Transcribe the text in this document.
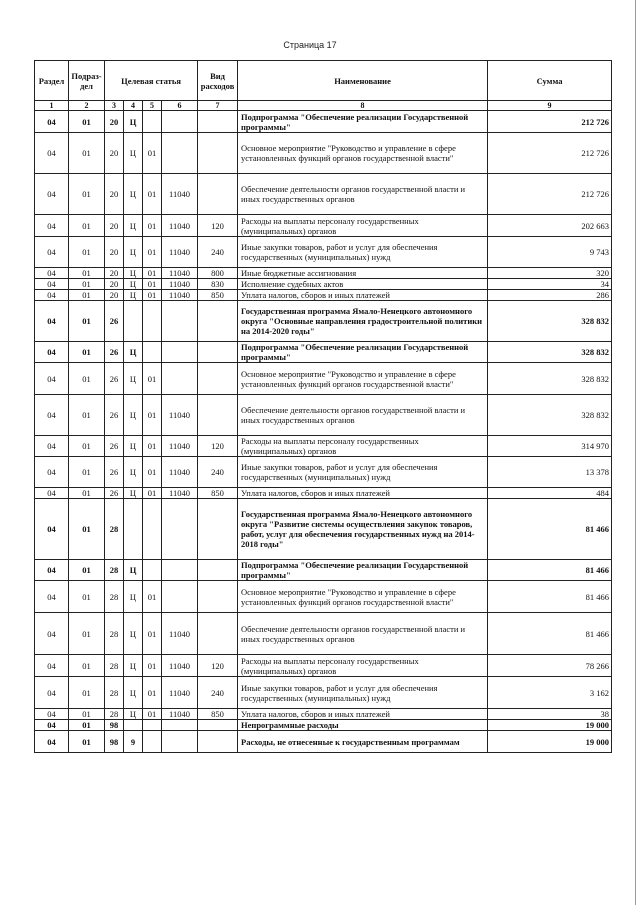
Страница 17
Раздел	Подраз-дел	Целевая статья				Вид расходов	Наименование	Сумма
1	2	3	4	5	6	7	8	9
04	01	20	Ц				Подпрограмма "Обеспечение реализации Государственной программы"	212 726
04	01	20	Ц	01			Основное мероприятие "Руководство и управление в сфере установленных функций органов государственной власти"	212 726
04	01	20	Ц	01	11040		Обеспечение деятельности органов государственной власти и иных государственных органов	212 726
04	01	20	Ц	01	11040	120	Расходы на выплаты персоналу государственных (муниципальных) органов	202 663
04	01	20	Ц	01	11040	240	Иные закупки товаров, работ и услуг для обеспечения государственных (муниципальных) нужд	9 743
04	01	20	Ц	01	11040	800	Иные бюджетные ассигнования	320
04	01	20	Ц	01	11040	830	Исполнение судебных актов	34
04	01	20	Ц	01	11040	850	Уплата налогов, сборов и иных платежей	286
04	01	26					Государственная программа Ямало-Ненецкого автономного округа "Основные направления градостроительной политики на 2014-2020 годы"	328 832
04	01	26	Ц				Подпрограмма "Обеспечение реализации Государственной программы"	328 832
04	01	26	Ц	01			Основное мероприятие "Руководство и управление в сфере установленных функций органов государственной власти"	328 832
04	01	26	Ц	01	11040		Обеспечение деятельности органов государственной власти и иных государственных органов	328 832
04	01	26	Ц	01	11040	120	Расходы на выплаты персоналу государственных (муниципальных) органов	314 970
04	01	26	Ц	01	11040	240	Иные закупки товаров, работ и услуг для обеспечения государственных (муниципальных) нужд	13 378
04	01	26	Ц	01	11040	850	Уплата налогов, сборов и иных платежей	484
04	01	28					Государственная программа Ямало-Ненецкого автономного округа "Развитие системы осуществления закупок товаров, работ, услуг для обеспечения государственных нужд на 2014-2018 годы"	81 466
04	01	28	Ц				Подпрограмма "Обеспечение реализации Государственной программы"	81 466
04	01	28	Ц	01			Основное мероприятие "Руководство и управление в сфере установленных функций органов государственной власти"	81 466
04	01	28	Ц	01	11040		Обеспечение деятельности органов государственной власти и иных государственных органов	81 466
04	01	28	Ц	01	11040	120	Расходы на выплаты персоналу государственных (муниципальных) органов	78 266
04	01	28	Ц	01	11040	240	Иные закупки товаров, работ и услуг для обеспечения государственных (муниципальных) нужд	3 162
04	01	28	Ц	01	11040	850	Уплата налогов, сборов и иных платежей	38
04	01	98					Непрограммные расходы	19 000
04	01	98	9				Расходы, не отнесенные к государственным программам	19 000
